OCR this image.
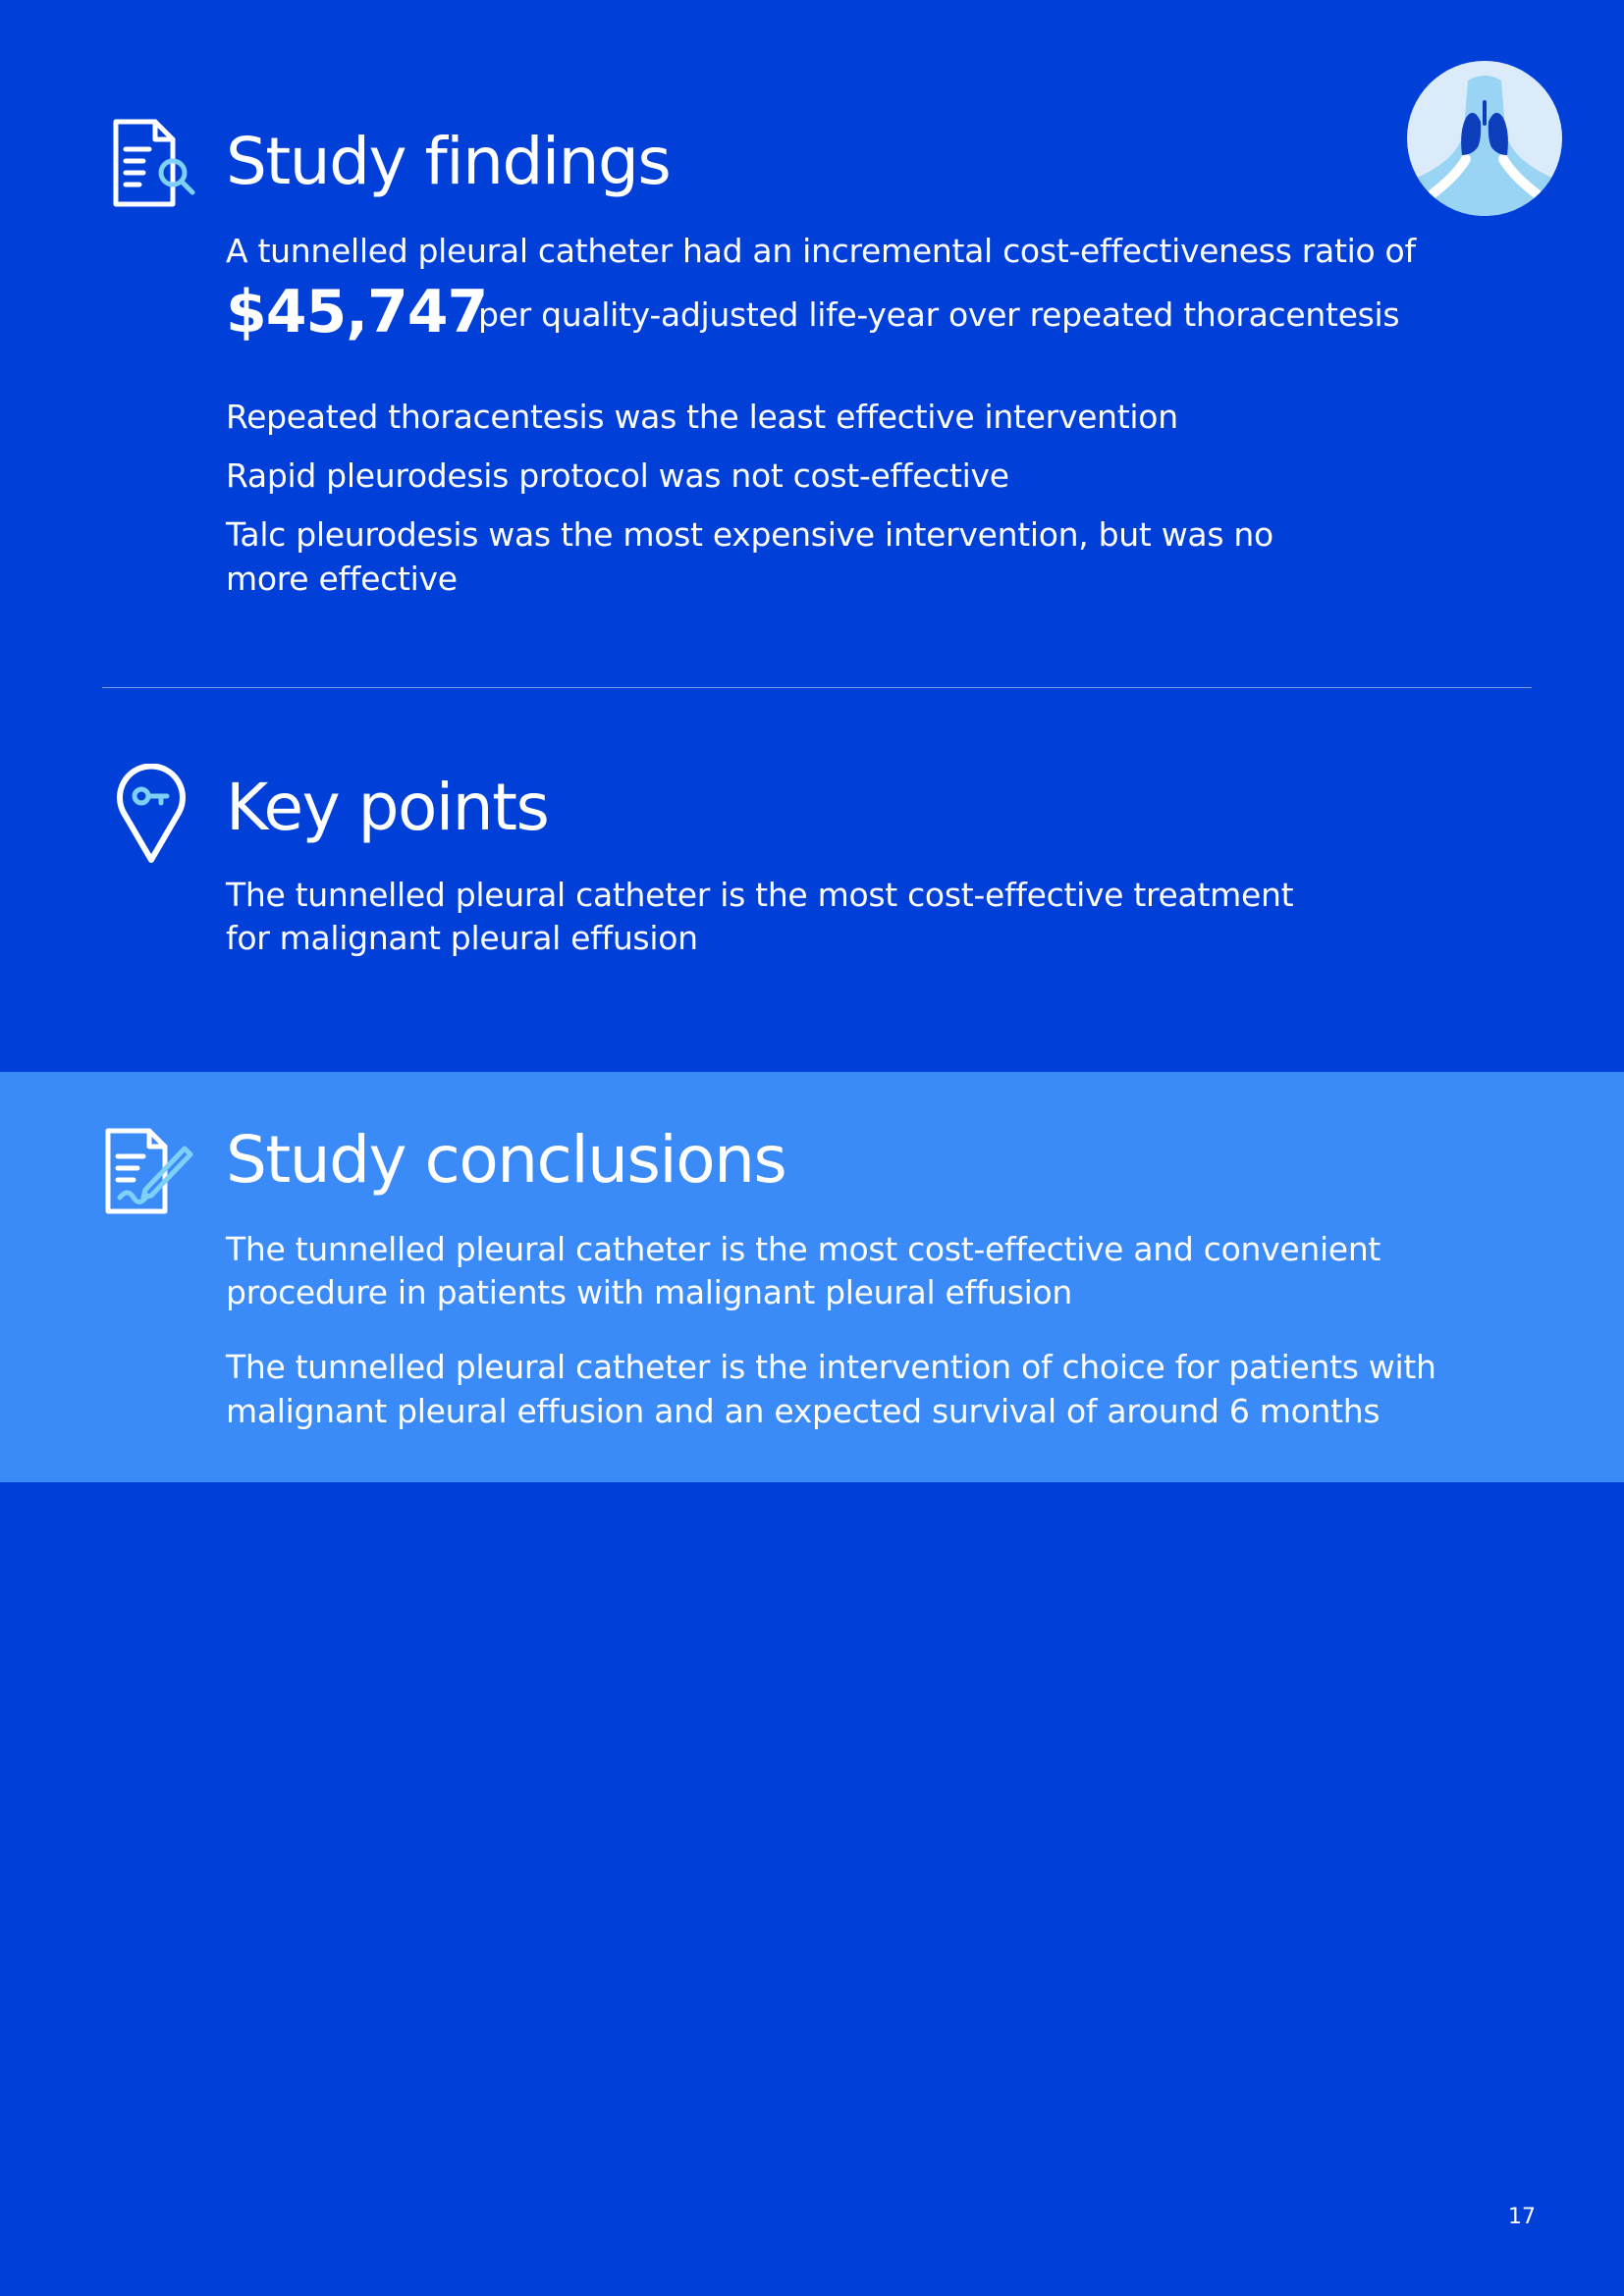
Study findings
A tunnelled pleural catheter had an incremental cost-effectiveness ratio of
$45,747
per quality-adjusted life-year over repeated thoracentesis
Repeated thoracentesis was the least effective intervention
Rapid pleurodesis protocol was not cost-effective
Talc pleurodesis was the most expensive intervention, but was no
more effective
Key points
The tunnelled pleural catheter is the most cost-effective treatment
for malignant pleural effusion
Study conclusions
The tunnelled pleural catheter is the most cost-effective and convenient
procedure in patients with malignant pleural effusion
The tunnelled pleural catheter is the intervention of choice for patients with
malignant pleural effusion and an expected survival of around 6 months
17
